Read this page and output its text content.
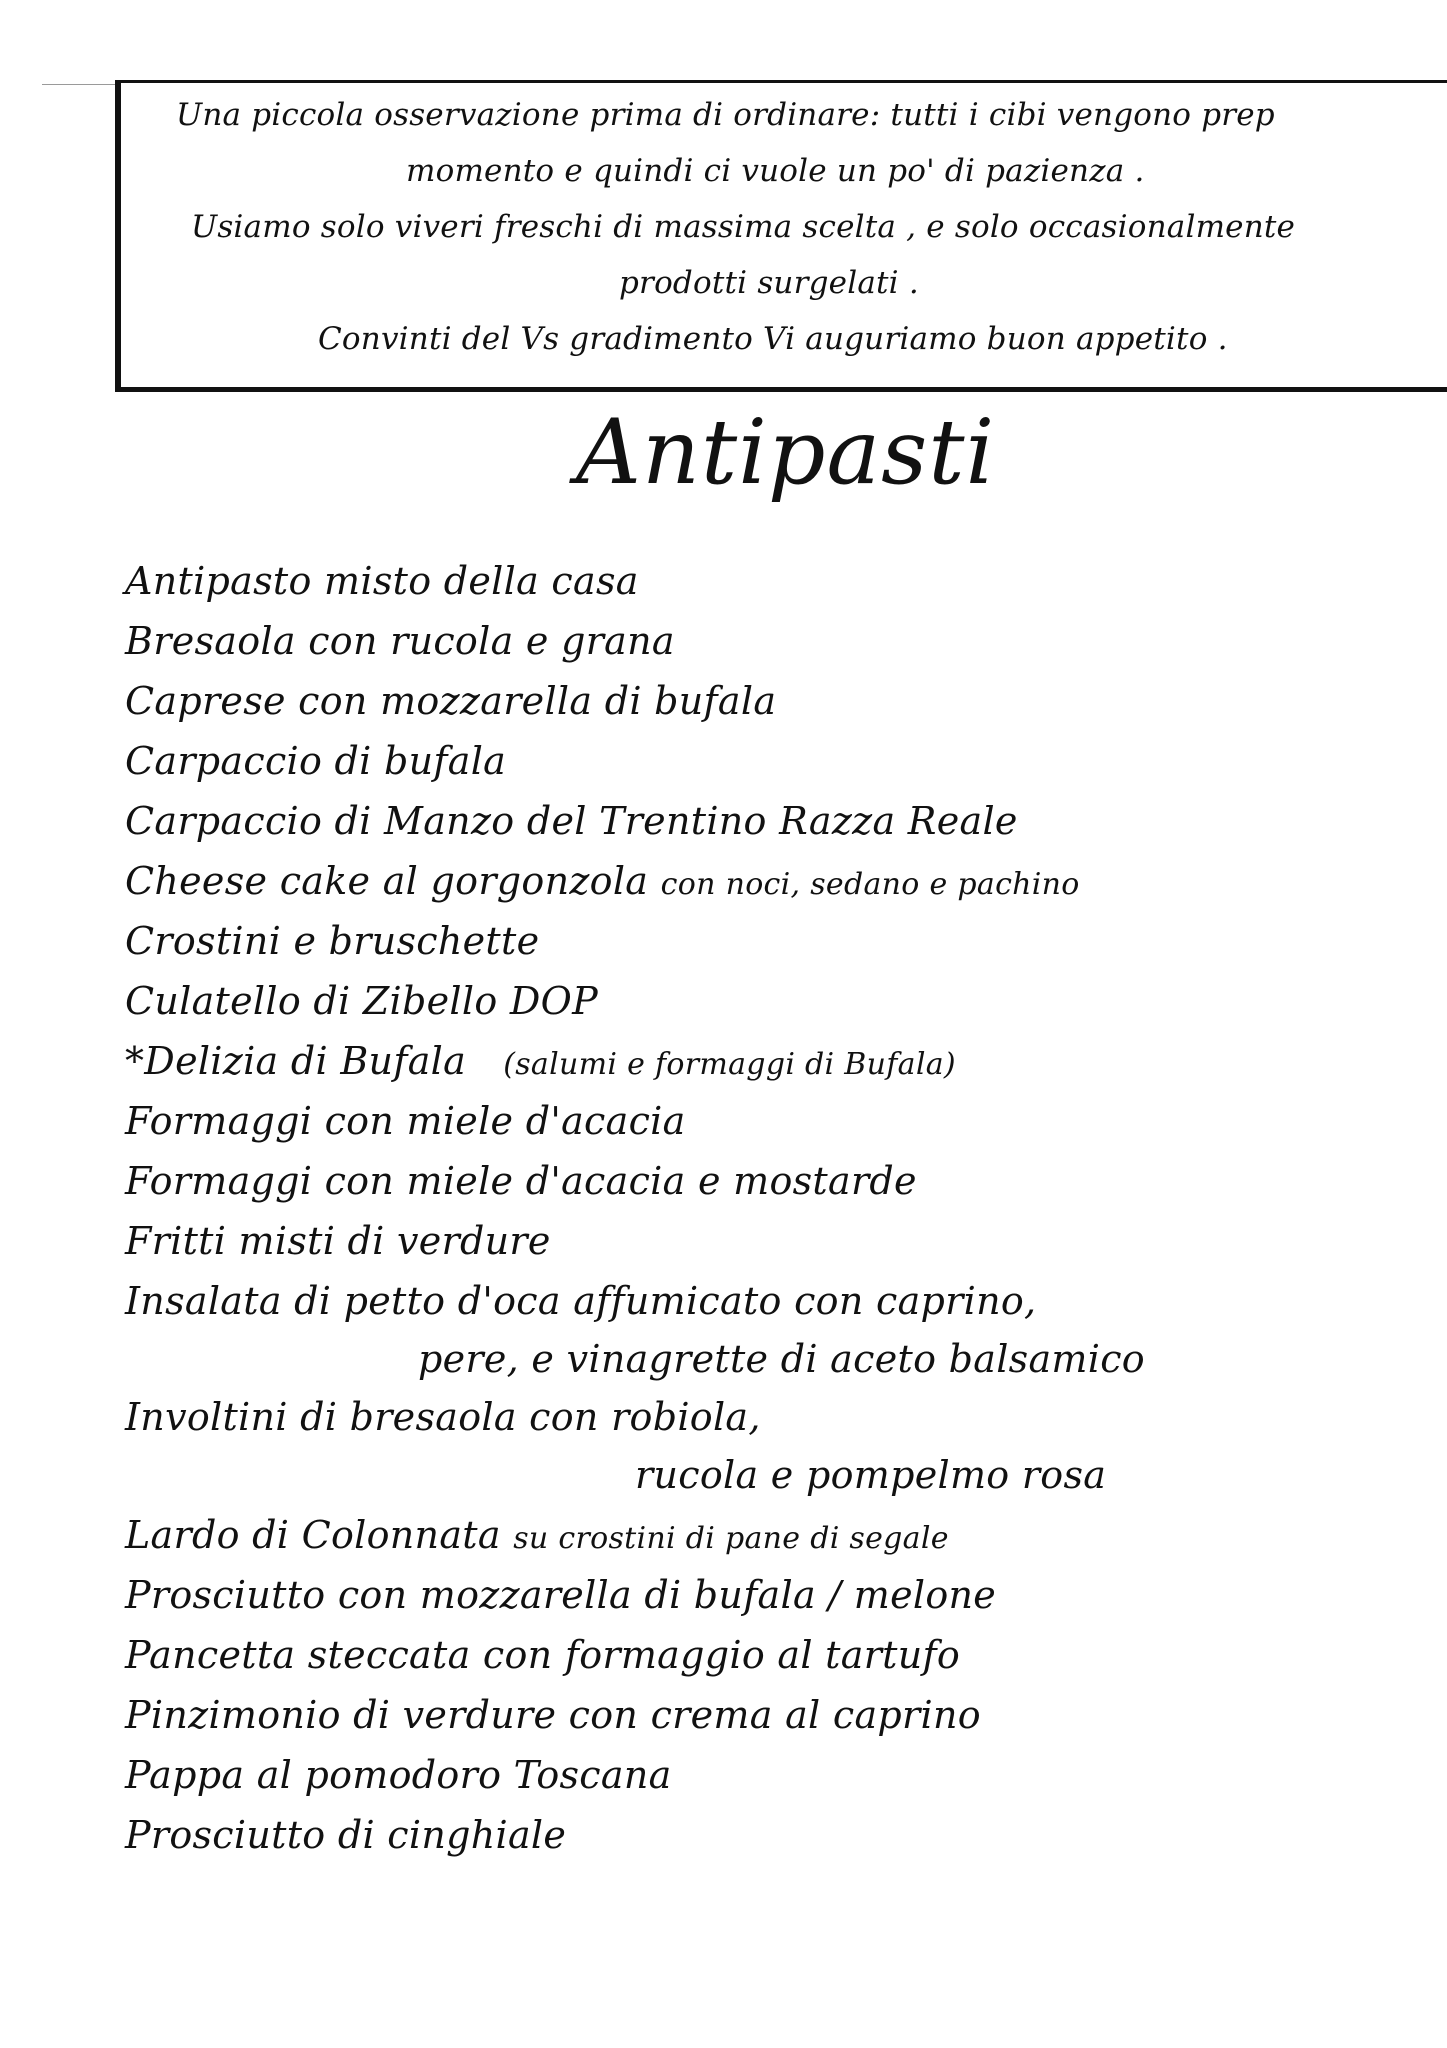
Una piccola osservazione prima di ordinare: tutti i cibi vengono prep
momento e quindi ci vuole un po' di pazienza .
Usiamo solo viveri freschi di massima scelta , e solo occasionalmente
prodotti surgelati .
Convinti del Vs gradimento Vi auguriamo buon appetito .
Antipasti
Antipasto misto della casa
Bresaola con rucola e grana
Caprese con mozzarella di bufala
Carpaccio di bufala
Carpaccio di Manzo del Trentino Razza Reale
Cheese cake al gorgonzola con noci, sedano e pachino
Crostini e bruschette
Culatello di Zibello DOP
*Delizia di Bufala (salumi e formaggi di Bufala)
Formaggi con miele d'acacia
Formaggi con miele d'acacia e mostarde
Fritti misti di verdure
Insalata di petto d'oca affumicato con caprino,
pere, e vinagrette di aceto balsamico
Involtini di bresaola con robiola,
rucola e pompelmo rosa
Lardo di Colonnata su crostini di pane di segale
Prosciutto con mozzarella di bufala / melone
Pancetta steccata con formaggio al tartufo
Pinzimonio di verdure con crema al caprino
Pappa al pomodoro Toscana
Prosciutto di cinghiale
